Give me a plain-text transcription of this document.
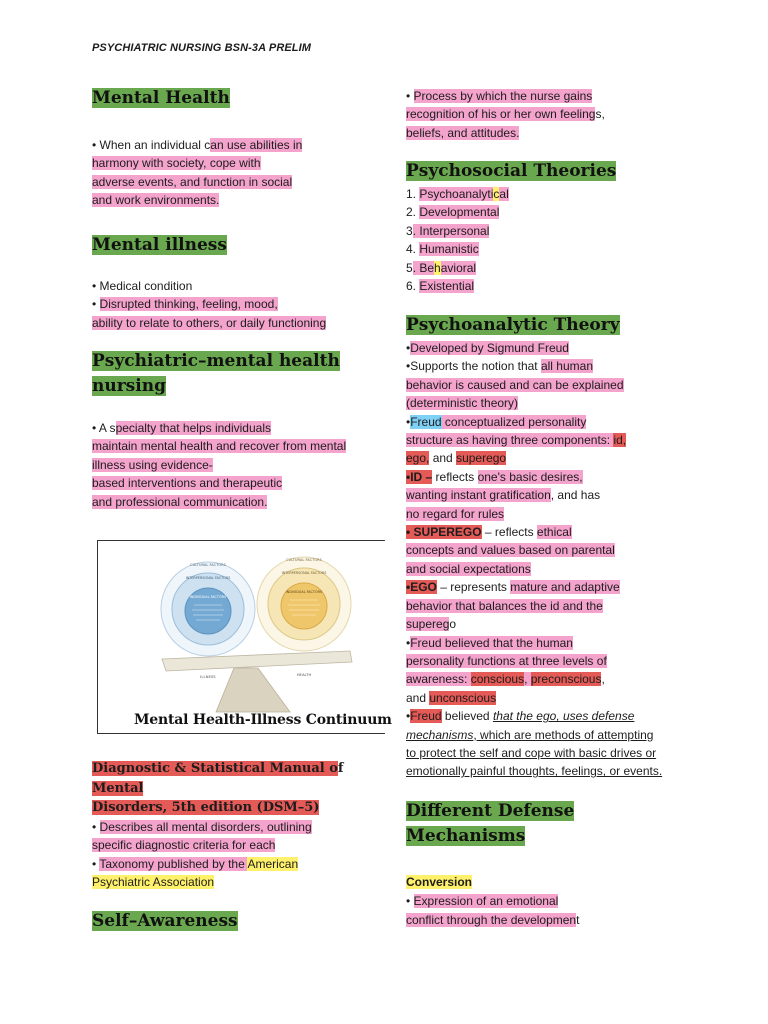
PSYCHIATRIC NURSING BSN-3A PRELIM
Mental Health
• When an individual can use abilities in
harmony with society, cope with
adverse events, and function in social
and work environments.
Mental illness
• Medical condition
• Disrupted thinking, feeling, mood,
ability to relate to others, or daily functioning
Psychiatric–mental health
nursing
• A specialty that helps individuals
maintain mental health and recover from mental
illness using evidence-
based interventions and therapeutic
and professional communication.
CULTURAL FACTORS
INTERPERSONAL FACTORS
INDIVIDUAL FACTORS
CULTURAL FACTORS
INTERPERSONAL FACTORS
INDIVIDUAL FACTORS
ILLNESS	HEALTH
Mental Health-Illness Continuum
Diagnostic & Statistical Manual of
Mental
Disorders, 5th edition (DSM–5)
• Describes all mental disorders, outlining
specific diagnostic criteria for each
• Taxonomy published by the American
Psychiatric Association
Self–Awareness
• Process by which the nurse gains
recognition of his or her own feelings,
beliefs, and attitudes.
Psychosocial Theories
1. Psychoanalytical
2. Developmental
3. Interpersonal
4. Humanistic
5. Behavioral
6. Existential
Psychoanalytic Theory
•Developed by Sigmund Freud
•Supports the notion that all human
behavior is caused and can be explained
(deterministic theory)
•Freud conceptualized personality
structure as having three components: id,
ego, and superego
•ID – reflects one's basic desires,
wanting instant gratification, and has
no regard for rules
• SUPEREGO – reflects ethical
concepts and values based on parental
and social expectations
•EGO – represents mature and adaptive
behavior that balances the id and the
superego
•Freud believed that the human
personality functions at three levels of
awareness: conscious, preconscious,
and unconscious
•Freud believed that the ego, uses defense
mechanisms, which are methods of attempting
to protect the self and cope with basic drives or
emotionally painful thoughts, feelings, or events.
Different Defense
Mechanisms
Conversion
• Expression of an emotional
conflict through the development
